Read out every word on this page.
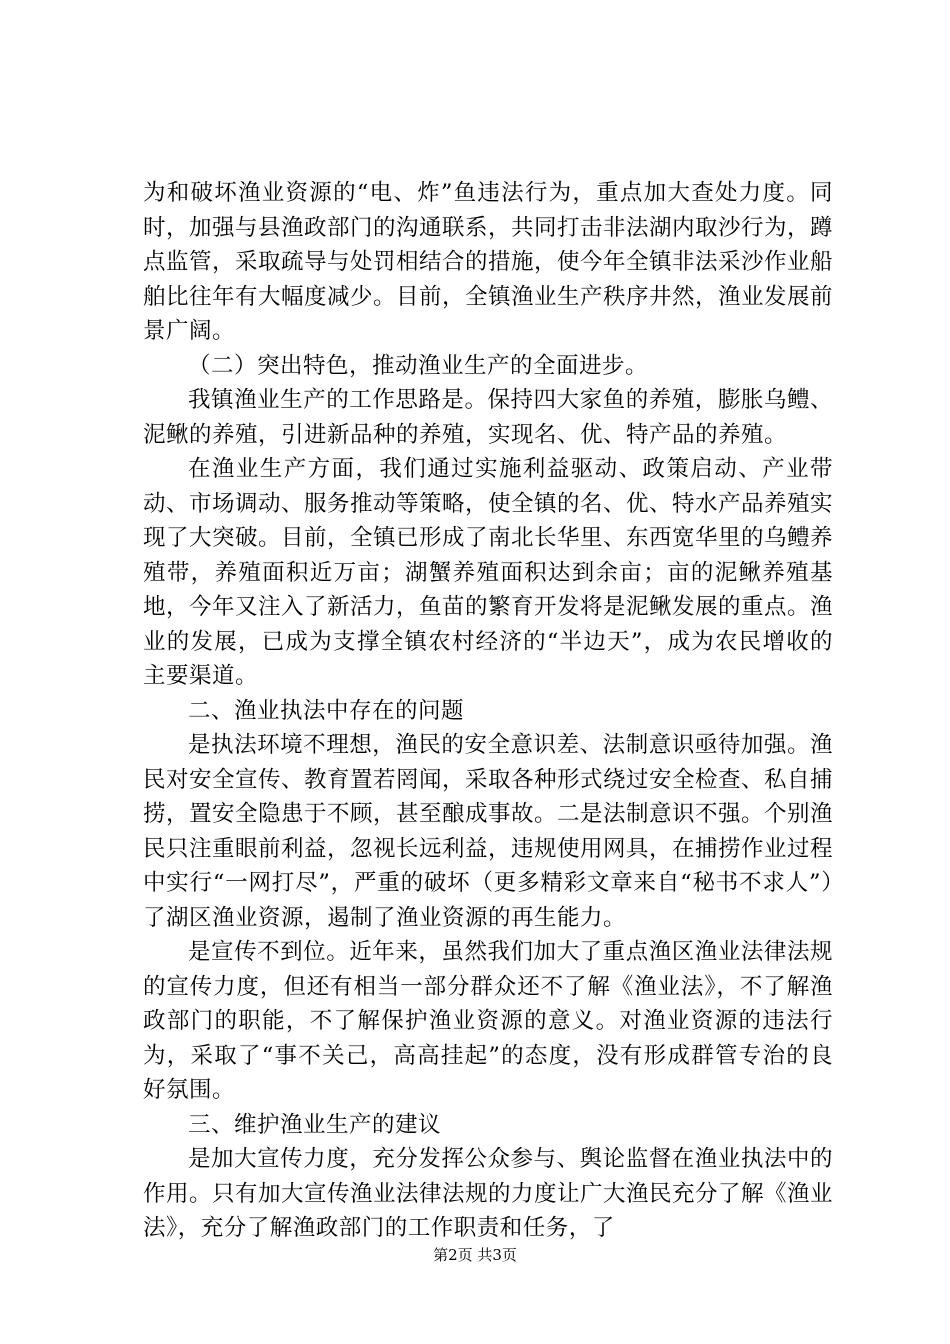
为和破坏渔业资源的“电、炸”鱼违法行为，重点加大查处力度。同时，加强与县渔政部门的沟通联系，共同打击非法湖内取沙行为，蹲点监管，采取疏导与处罚相结合的措施，使今年全镇非法采沙作业船舶比往年有大幅度减少。目前，全镇渔业生产秩序井然，渔业发展前景广阔。

（二）突出特色，推动渔业生产的全面进步。

我镇渔业生产的工作思路是。保持四大家鱼的养殖，膨胀乌鳢、泥鳅的养殖，引进新品种的养殖，实现名、优、特产品的养殖。

在渔业生产方面，我们通过实施利益驱动、政策启动、产业带动、市场调动、服务推动等策略，使全镇的名、优、特水产品养殖实现了大突破。目前，全镇已形成了南北长华里、东西宽华里的乌鳢养殖带，养殖面积近万亩；湖蟹养殖面积达到余亩；亩的泥鳅养殖基地，今年又注入了新活力，鱼苗的繁育开发将是泥鳅发展的重点。渔业的发展，已成为支撑全镇农村经济的“半边天”，成为农民增收的主要渠道。

二、渔业执法中存在的问题

是执法环境不理想，渔民的安全意识差、法制意识亟待加强。渔民对安全宣传、教育置若罔闻，采取各种形式绕过安全检查、私自捕捞，置安全隐患于不顾，甚至酿成事故。二是法制意识不强。个别渔民只注重眼前利益，忽视长远利益，违规使用网具，在捕捞作业过程中实行“一网打尽”，严重的破坏（更多精彩文章来自“秘书不求人”）了湖区渔业资源，遏制了渔业资源的再生能力。

是宣传不到位。近年来，虽然我们加大了重点渔区渔业法律法规的宣传力度，但还有相当一部分群众还不了解《渔业法》，不了解渔政部门的职能，不了解保护渔业资源的意义。对渔业资源的违法行为，采取了“事不关己，高高挂起”的态度，没有形成群管专治的良好氛围。

三、维护渔业生产的建议

是加大宣传力度，充分发挥公众参与、舆论监督在渔业执法中的作用。只有加大宣传渔业法律法规的力度让广大渔民充分了解《渔业法》，充分了解渔政部门的工作职责和任务，了

第2页 共3页
